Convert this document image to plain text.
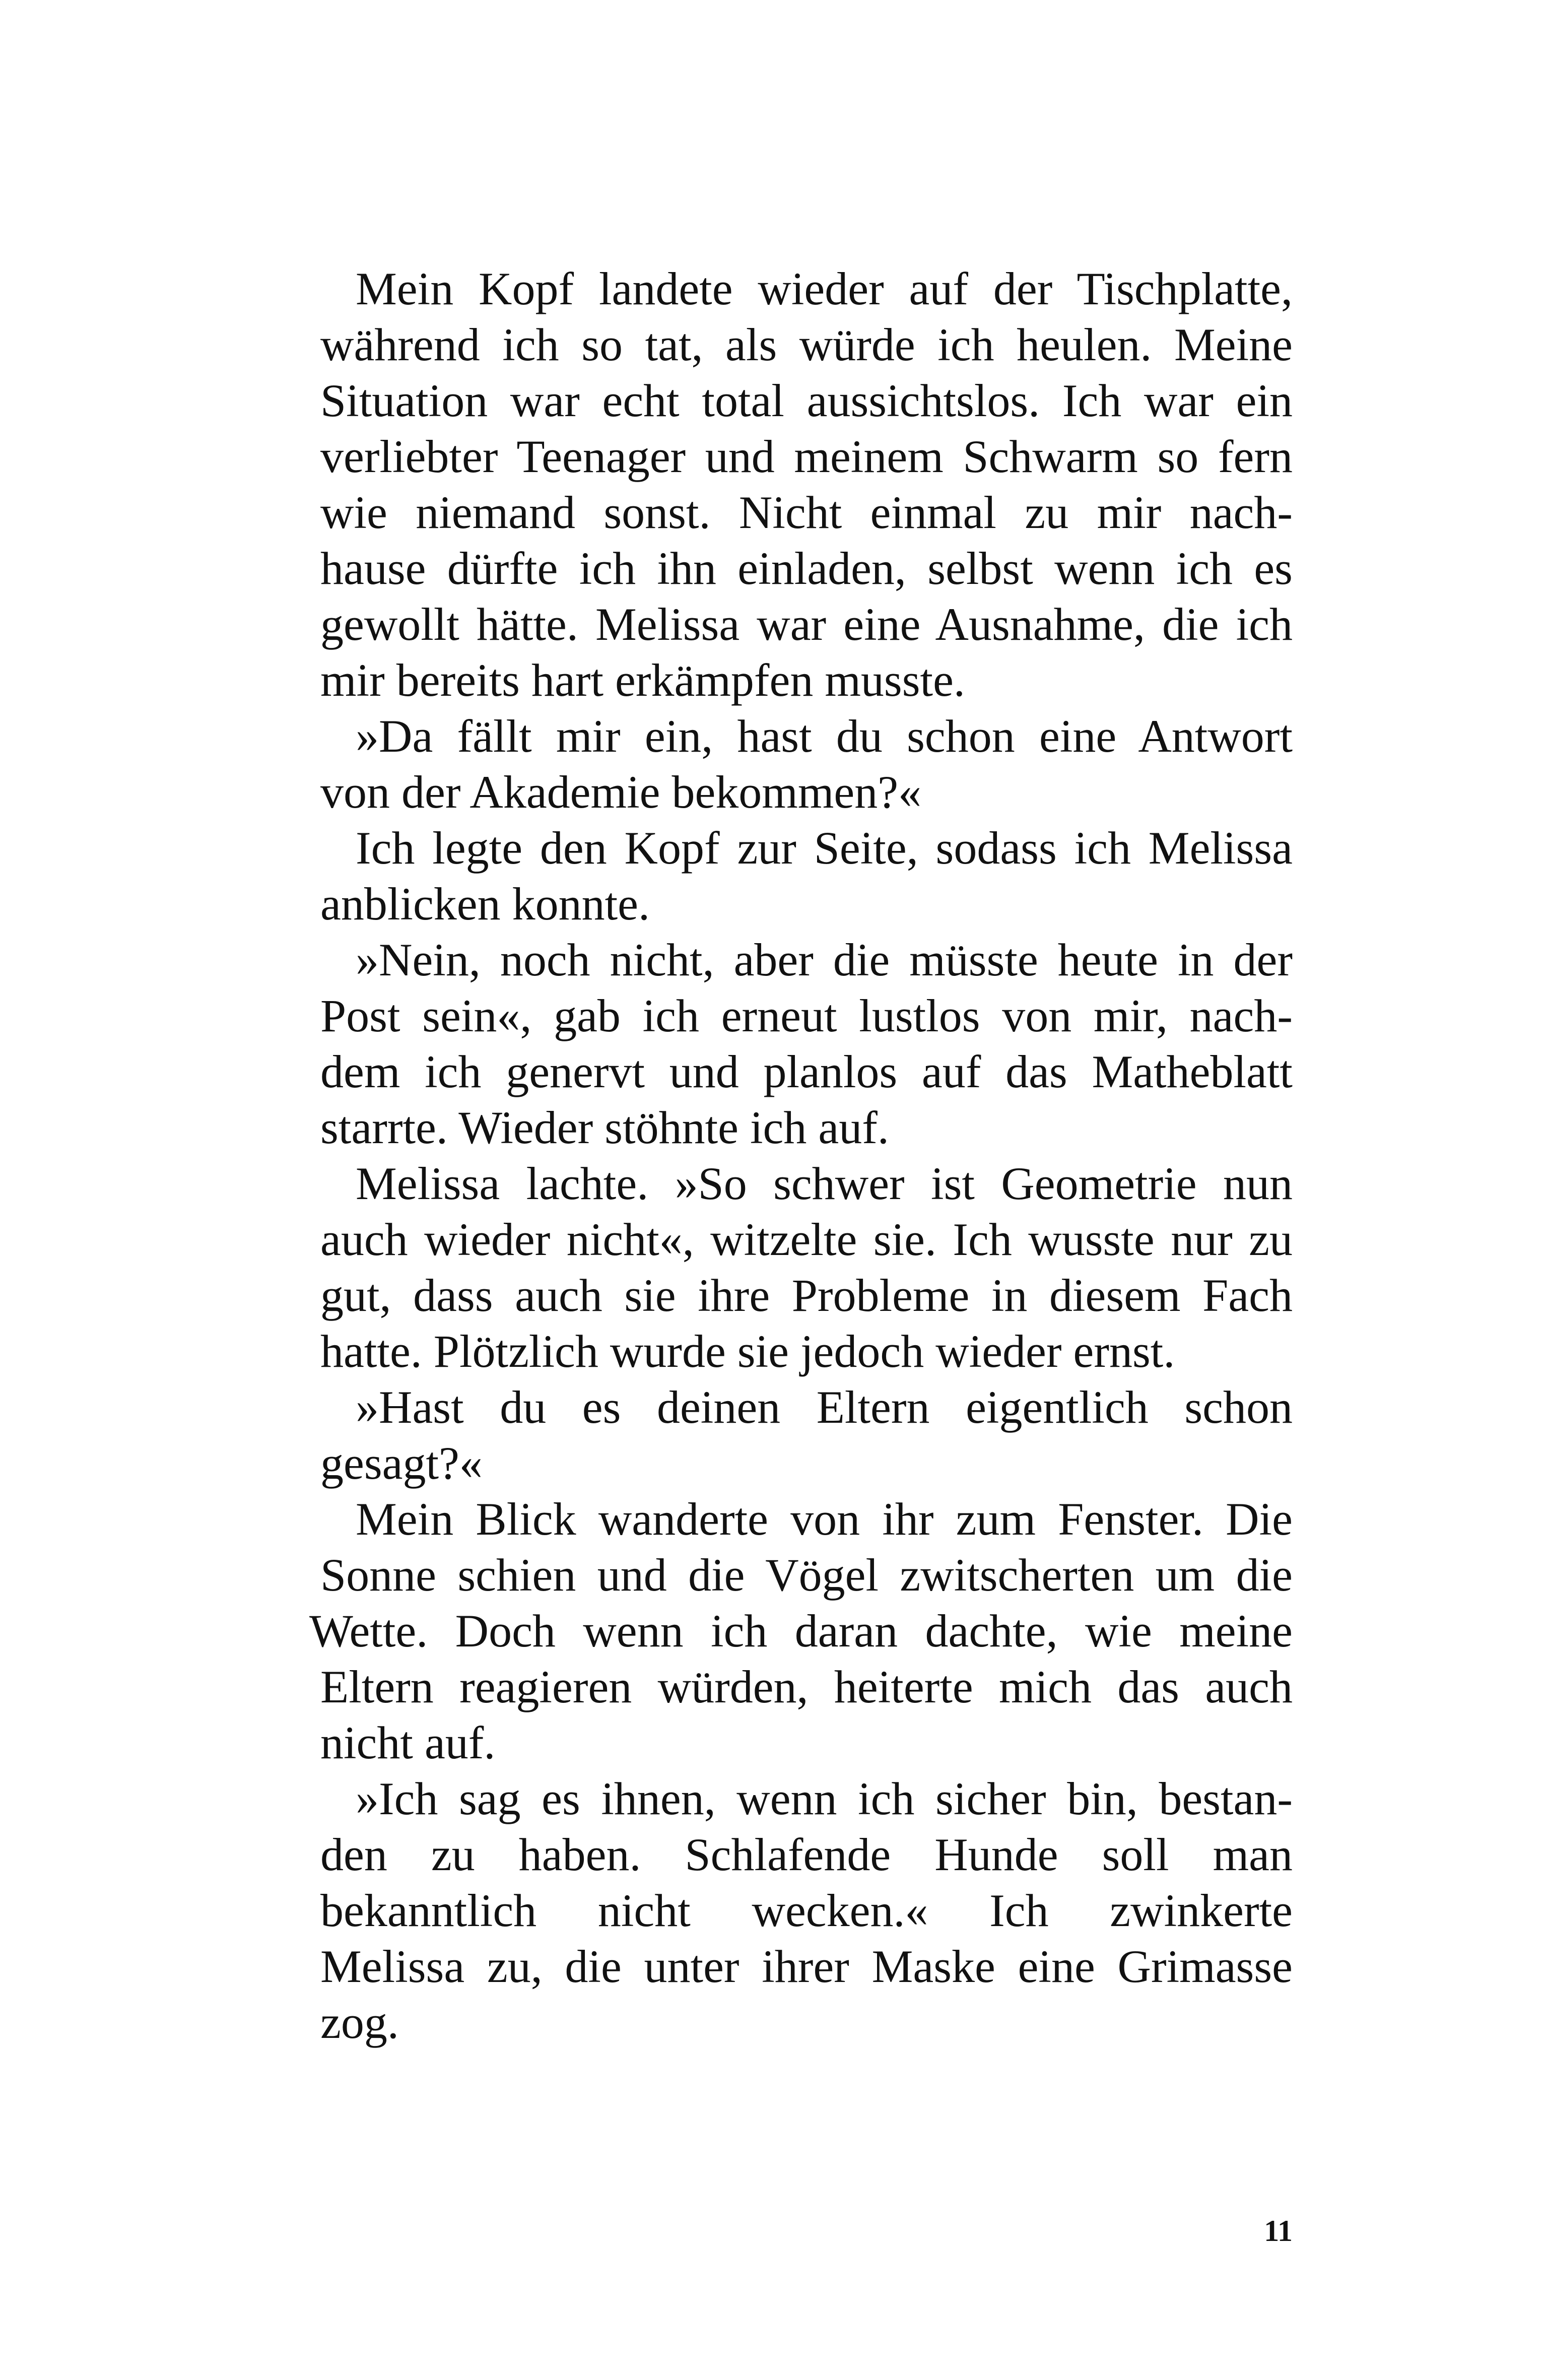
Mein Kopf landete wieder auf der Tischplatte,
während ich so tat, als würde ich heulen. Meine
Situation war echt total aussichtslos. Ich war ein
verliebter Teenager und meinem Schwarm so fern
wie niemand sonst. Nicht einmal zu mir nach-
hause dürfte ich ihn einladen, selbst wenn ich es
gewollt hätte. Melissa war eine Ausnahme, die ich
mir bereits hart erkämpfen musste.
»Da fällt mir ein, hast du schon eine Antwort
von der Akademie bekommen?«
Ich legte den Kopf zur Seite, sodass ich Melissa
anblicken konnte.
»Nein, noch nicht, aber die müsste heute in der
Post sein«, gab ich erneut lustlos von mir, nach-
dem ich genervt und planlos auf das Matheblatt
starrte. Wieder stöhnte ich auf.
Melissa lachte. »So schwer ist Geometrie nun
auch wieder nicht«, witzelte sie. Ich wusste nur zu
gut, dass auch sie ihre Probleme in diesem Fach
hatte. Plötzlich wurde sie jedoch wieder ernst.
»Hast du es deinen Eltern eigentlich schon
gesagt?«
Mein Blick wanderte von ihr zum Fenster. Die
Sonne schien und die Vögel zwitscherten um die
Wette. Doch wenn ich daran dachte, wie meine
Eltern reagieren würden, heiterte mich das auch
nicht auf.
»Ich sag es ihnen, wenn ich sicher bin, bestan-
den zu haben. Schlafende Hunde soll man
bekanntlich nicht wecken.« Ich zwinkerte
Melissa zu, die unter ihrer Maske eine Grimasse
zog.
11
